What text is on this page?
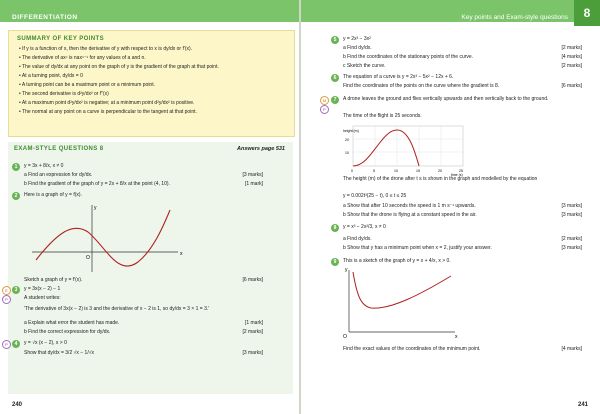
DIFFERENTIATION
SUMMARY OF KEY POINTS
• If y is a function of x, then the derivative of y with respect to x is dy/dx or f′(x).
• The derivative of axⁿ is naxⁿ⁻¹ for any values of a and n.
• The value of dy/dx at any point on the graph of y is the gradient of the graph at that point.
• At a turning point, dy/dx = 0
• A turning point can be a maximum point or a minimum point.
• The second derivative is d²y/dx² or f″(x)
• At a maximum point d²y/dx² is negative; at a minimum point d²y/dx² is positive.
• The normal at any point on a curve is perpendicular to the tangent at that point.
EXAM-STYLE QUESTIONS 8	Answers page 531
1	y = 3x + 8/x, x ≠ 0
a Find an expression for dy/dx.	[3 marks]
b Find the gradient of the graph of y = 2x + 8/x at the point (4, 10).	[1 mark]
2	Here is a graph of y = f(x).
x
y
O
Sketch a graph of y = f′(x).	[6 marks]
E
P
3	y = 3x(x − 2) − 1
A student writes:
'The derivative of 3x(x − 2) is 3 and the derivative of x − 2 is 1, so dy/dx = 3 × 1 = 3.'
a Explain what error the student has made.	[1 mark]
b Find the correct expression for dy/dx.	[2 marks]
P	4	y = √x (x − 2), x > 0
Show that dy/dx = 3/2 √x − 1/√x	[3 marks]
240
Key points and Exam-style questions	8
5	y = 2x³ − 3x²
a Find dy/dx.	[2 marks]
b Find the coordinates of the stationary points of the curve.	[4 marks]
c Sketch the curve.	[2 marks]
6	The equation of a curve is y = 2x³ − 5x² − 12x + 6.
Find the coordinates of the points on the curve where the gradient is 8.	[6 marks]
M
P
7	A drone leaves the ground and flies vertically upwards and then vertically back to the ground.
The time of the flight is 25 seconds.
height (m)
time (s)
0	5	10	15	20	25
10
20
The height (m) of the drone after t s is shown in the graph and modelled by the equation
y = 0.002t³(25 − t), 0 ≤ t ≤ 25
a Show that after 10 seconds the speed is 1 m s⁻¹ upwards.	[3 marks]
b Show that the drone is flying at a constant speed in the air.	[3 marks]
8	y = x³ − 2x²/3, x ≠ 0
a Find dy/dx.	[2 marks]
b Show that y has a minimum point when x = 2, justify your answer.	[3 marks]
9	This is a sketch of the graph of y = x + 4/x, x > 0.
y
x
O
Find the exact values of the coordinates of the minimum point.	[4 marks]
241
